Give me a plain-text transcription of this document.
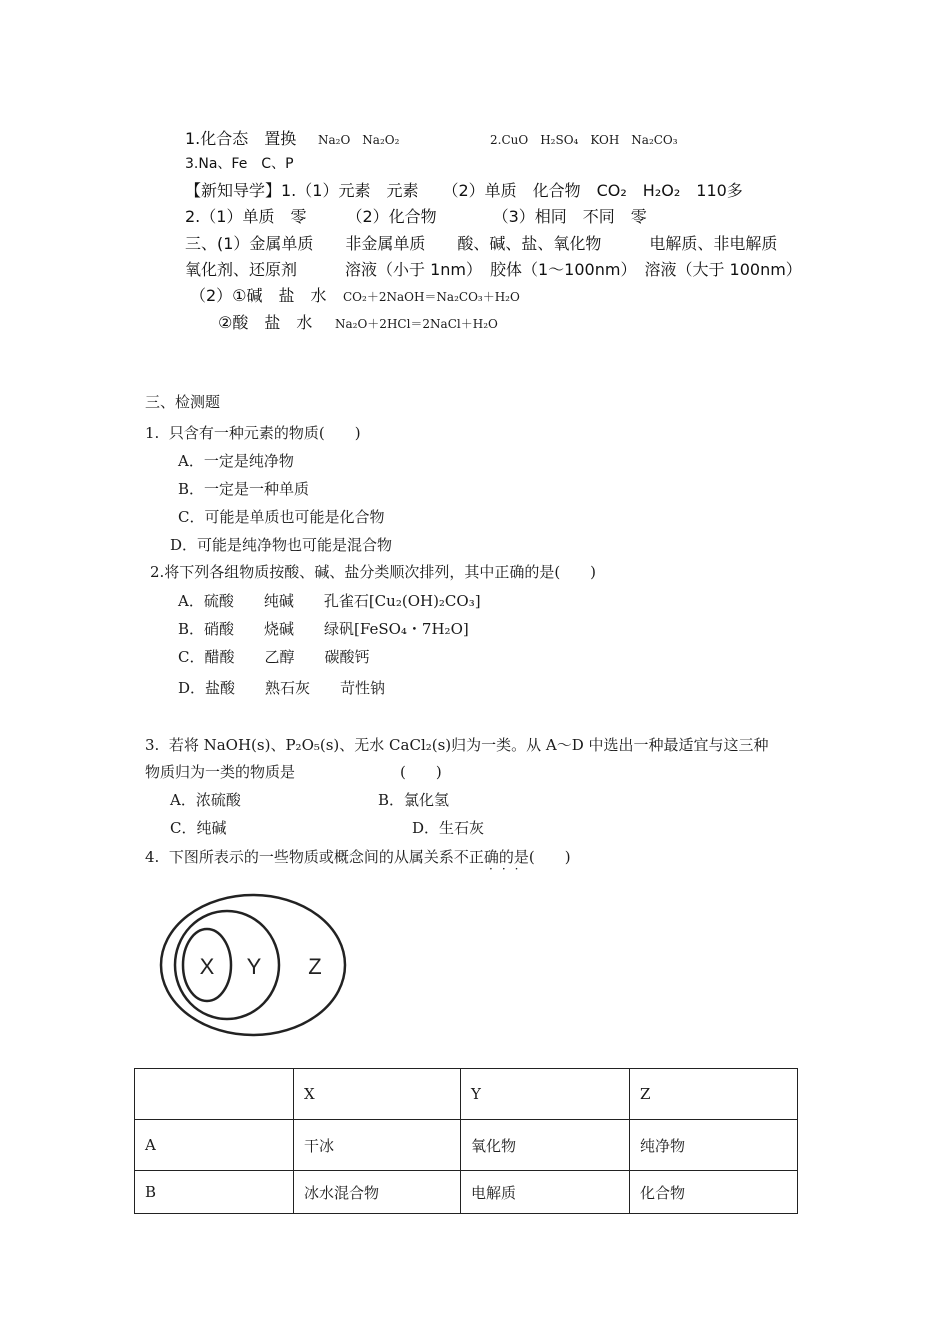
1.化合态　置换 Na₂O　Na₂O₂	2.CuO　H₂SO₄　KOH　Na₂CO₃
3.Na、Fe　C、P
【新知导学】1.（1）元素　元素　　（2）单质　化合物　CO₂　H₂O₂　110多
2.（1）单质　零　　　（2）化合物　　　　（3）相同　不同　零
三、(1）金属单质　　非金属单质　　酸、碱、盐、氧化物　　　电解质、非电解质
氧化剂、还原剂　　　溶液（小于 1nm）　胶体（1～100nm）　溶液（大于 100nm）
（2）①碱　盐　水 CO₂＋2NaOH＝Na₂CO₃＋H₂O
②酸　盐　水 Na₂O＋2HCl＝2NaCl＋H₂O
三、检测题
1.  只含有一种元素的物质(　　)
A．一定是纯净物
B．一定是一种单质
C．可能是单质也可能是化合物
D．可能是纯净物也可能是混合物
2.将下列各组物质按酸、碱、盐分类顺次排列，其中正确的是(　　)
A．硫酸　　纯碱　　孔雀石[Cu₂(OH)₂CO₃]
B．硝酸　　烧碱　　绿矾[FeSO₄・7H₂O]
C．醋酸　　乙醇　　碳酸钙
D．盐酸　　熟石灰　　苛性钠
3.  若将 NaOH(s)、P₂O₅(s)、无水 CaCl₂(s)归为一类。从 A～D 中选出一种最适宜与这三种
物质归为一类的物质是　　　　　　　(　　)
A．浓硫酸	B．氯化氢
C．纯碱	D．生石灰
4.  下图所表示的一些物质或概念间的从属关系不正确的是(　　)
···
X Y Z
	X	Y	Z
A	干冰	氧化物	纯净物
B	冰水混合物	电解质	化合物
